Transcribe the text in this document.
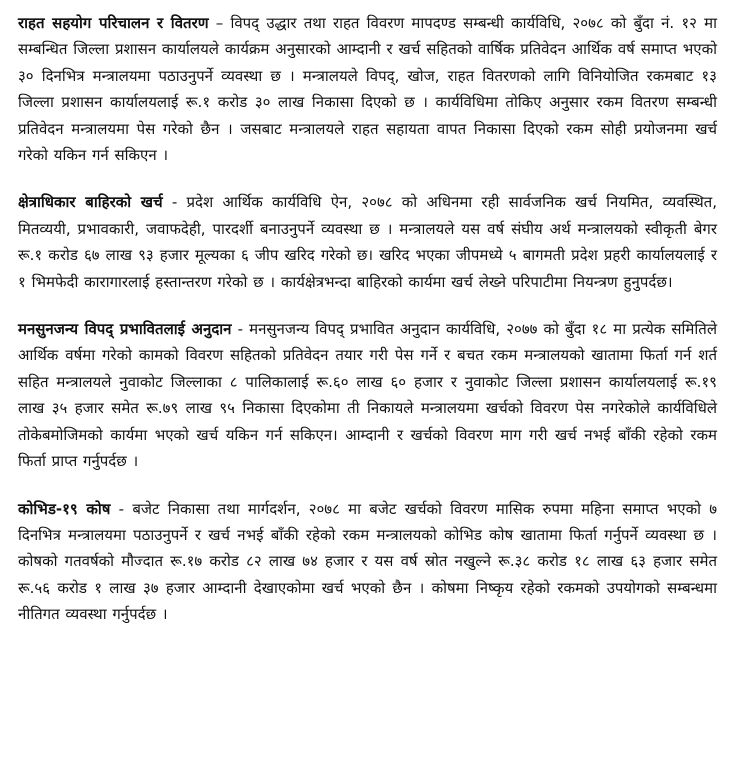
राहत सहयोग परिचालन र वितरण – विपद् उद्धार तथा राहत विवरण मापदण्ड सम्बन्धी कार्यविधि, २०७८ को बुँदा नं. १२ मा सम्बन्धित जिल्ला प्रशासन कार्यालयले कार्यक्रम अनुसारको आम्दानी र खर्च सहितको वार्षिक प्रतिवेदन आर्थिक वर्ष समाप्त भएको ३० दिनभित्र मन्त्रालयमा पठाउनुपर्ने व्यवस्था छ । मन्त्रालयले विपद्, खोज, राहत वितरणको लागि विनियोजित रकमबाट १३ जिल्ला प्रशासन कार्यालयलाई रू.१ करोड ३० लाख निकासा दिएको छ । कार्यविधिमा तोकिए अनुसार रकम वितरण सम्बन्धी प्रतिवेदन मन्त्रालयमा पेस गरेको छैन । जसबाट मन्त्रालयले राहत सहायता वापत निकासा दिएको रकम सोही प्रयोजनमा खर्च गरेको यकिन गर्न सकिएन ।

क्षेत्राधिकार बाहिरको खर्च - प्रदेश आर्थिक कार्यविधि ऐन, २०७८ को अधिनमा रही सार्वजनिक खर्च नियमित, व्यवस्थित, मितव्ययी, प्रभावकारी, जवाफदेही, पारदर्शी बनाउनुपर्ने व्यवस्था छ । मन्त्रालयले यस वर्ष संघीय अर्थ मन्त्रालयको स्वीकृती बेगर रू.१ करोड ६७ लाख ९३ हजार मूल्यका ६ जीप खरिद गरेको छ। खरिद भएका जीपमध्ये ५ बागमती प्रदेश प्रहरी कार्यालयलाई र १ भिमफेदी कारागारलाई हस्तान्तरण गरेको छ । कार्यक्षेत्रभन्दा बाहिरको कार्यमा खर्च लेख्ने परिपाटीमा नियन्त्रण हुनुपर्दछ।

मनसुनजन्य विपद् प्रभावितलाई अनुदान - मनसुनजन्य विपद् प्रभावित अनुदान कार्यविधि, २०७७ को बुँदा १८ मा प्रत्येक समितिले आर्थिक वर्षमा गरेको कामको विवरण सहितको प्रतिवेदन तयार गरी पेस गर्ने र बचत रकम मन्त्रालयको खातामा फिर्ता गर्न शर्त सहित मन्त्रालयले नुवाकोट जिल्लाका ८ पालिकालाई रू.६० लाख ६० हजार र नुवाकोट जिल्ला प्रशासन कार्यालयलाई रू.१९ लाख ३५ हजार समेत रू.७९ लाख ९५ निकासा दिएकोमा ती निकायले मन्त्रालयमा खर्चको विवरण पेस नगरेकोले कार्यविधिले तोकेबमोजिमको कार्यमा भएको खर्च यकिन गर्न सकिएन। आम्दानी र खर्चको विवरण माग गरी खर्च नभई बाँकी रहेको रकम फिर्ता प्राप्त गर्नुपर्दछ ।

कोभिड-१९ कोष - बजेट निकासा तथा मार्गदर्शन, २०७८ मा बजेट खर्चको विवरण मासिक रुपमा महिना समाप्त भएको ७ दिनभित्र मन्त्रालयमा पठाउनुपर्ने र खर्च नभई बाँकी रहेको रकम मन्त्रालयको कोभिड कोष खातामा फिर्ता गर्नुपर्ने व्यवस्था छ । कोषको गतवर्षको मौज्दात रू.१७ करोड ८२ लाख ७४ हजार र यस वर्ष स्रोत नखुल्ने रू.३८ करोड १८ लाख ६३ हजार समेत रू.५६ करोड १ लाख ३७ हजार आम्दानी देखाएकोमा खर्च भएको छैन । कोषमा निष्कृय रहेको रकमको उपयोगको सम्बन्धमा नीतिगत व्यवस्था गर्नुपर्दछ ।
